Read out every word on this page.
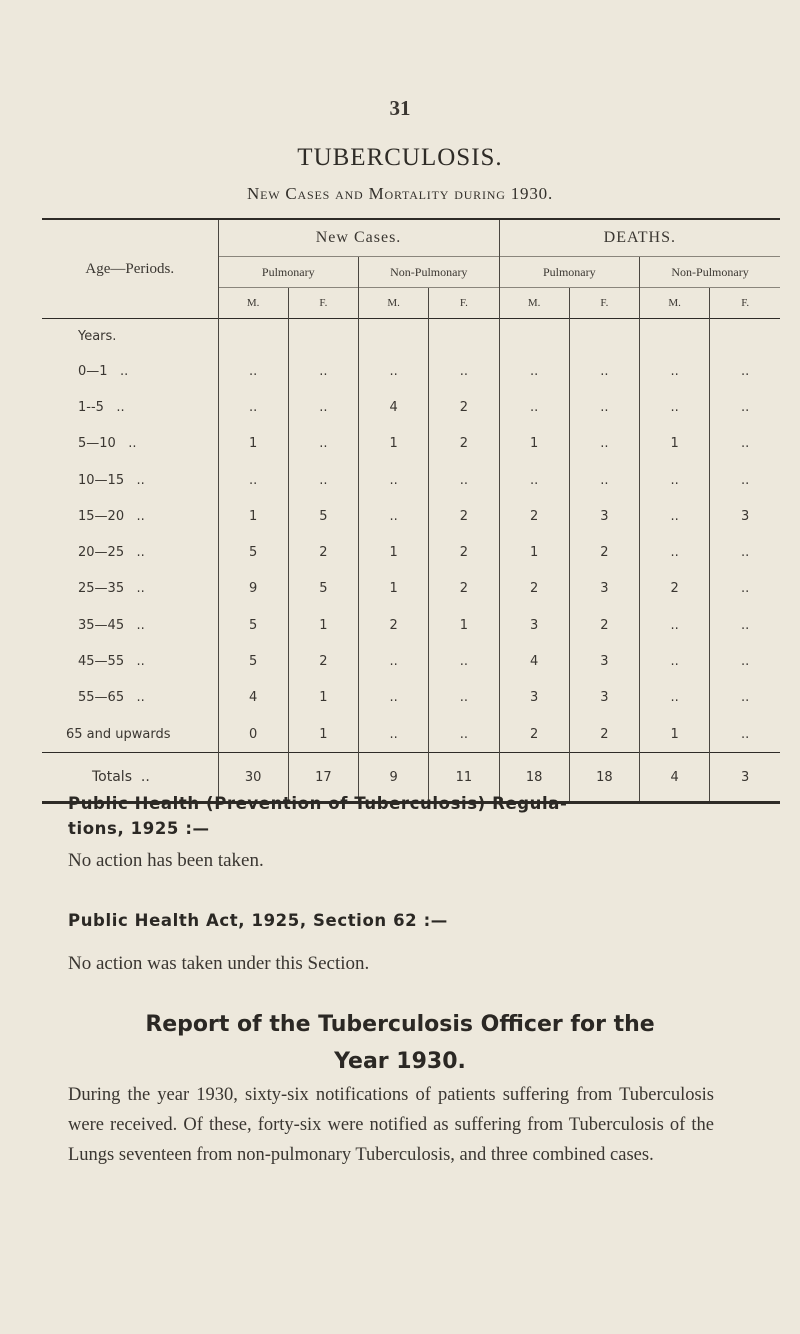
31
TUBERCULOSIS.
New Cases and Mortality during 1930.
Age—Periods.	New Cases.				DEATHS.			
	Pulmonary		Non-Pulmonary		Pulmonary		Non-Pulmonary	
	M.	F.	M.	F.	M.	F.	M.	F.
Years.								
0—1 ..	..	..	..	..	..	..	..	..
1--5 ..	..	..	4	2	..	..	..	..
5—10 ..	1	..	1	2	1	..	1	..
10—15 ..	..	..	..	..	..	..	..	..
15—20 ..	1	5	..	2	2	3	..	3
20—25 ..	5	2	1	2	1	2	..	..
25—35 ..	9	5	1	2	2	3	2	..
35—45 ..	5	1	2	1	3	2	..	..
45—55 ..	5	2	..	..	4	3	..	..
55—65 ..	4	1	..	..	3	3	..	..
65 and upwards	0	1	..	..	2	2	1	..
Totals ..	30	17	9	11	18	18	4	3
Public Health (Prevention of Tuberculosis) Regula-
tions, 1925 :—
No action has been taken.
Public Health Act, 1925, Section 62 :—
No action was taken under this Section.
Report of the Tuberculosis Officer for the
Year 1930.
During the year 1930, sixty-six notifications of patients suffering from Tuberculosis were received. Of these, forty-six were notified as suffering from Tuberculosis of the Lungs seventeen from non-pulmonary Tuberculosis, and three combined cases.
